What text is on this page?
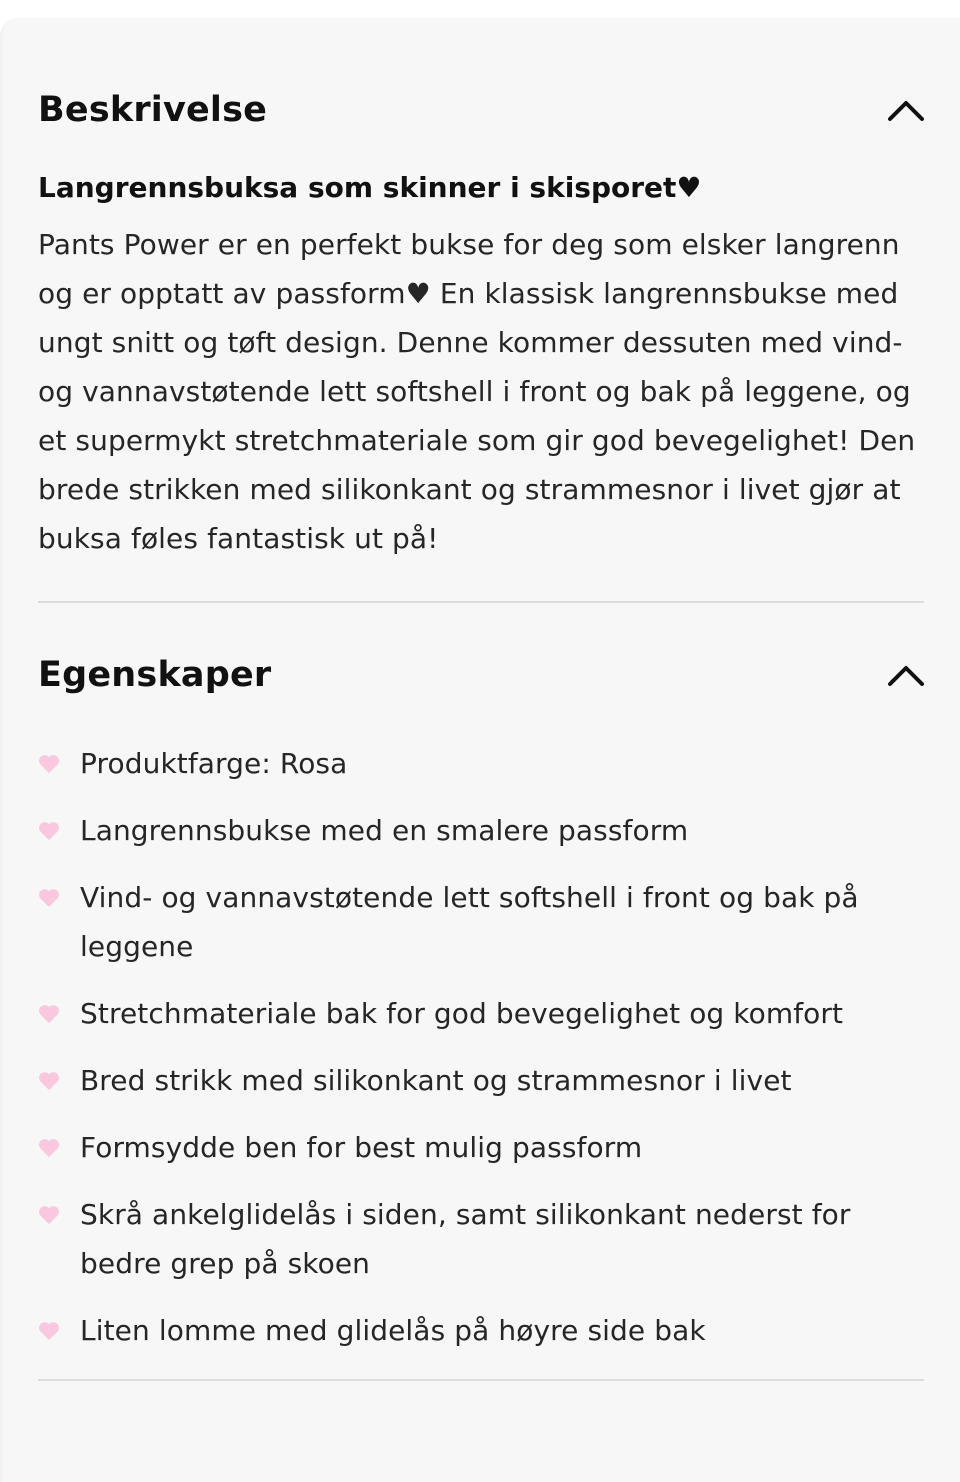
Beskrivelse
Langrennsbuksa som skinner i skisporet♥

Pants Power er en perfekt bukse for deg som elsker langrenn og er opptatt av passform♥ En klassisk langrennsbukse med ungt snitt og tøft design. Denne kommer dessuten med vind- og vannavstøtende lett softshell i front og bak på leggene, og et supermykt stretchmateriale som gir god bevegelighet! Den brede strikken med silikonkant og strammesnor i livet gjør at buksa føles fantastisk ut på!

Egenskaper
Produktfarge: Rosa
Langrennsbukse med en smalere passform
Vind- og vannavstøtende lett softshell i front og bak på leggene
Stretchmateriale bak for god bevegelighet og komfort
Bred strikk med silikonkant og strammesnor i livet
Formsydde ben for best mulig passform
Skrå ankelglidelås i siden, samt silikonkant nederst for bedre grep på skoen
Liten lomme med glidelås på høyre side bak
